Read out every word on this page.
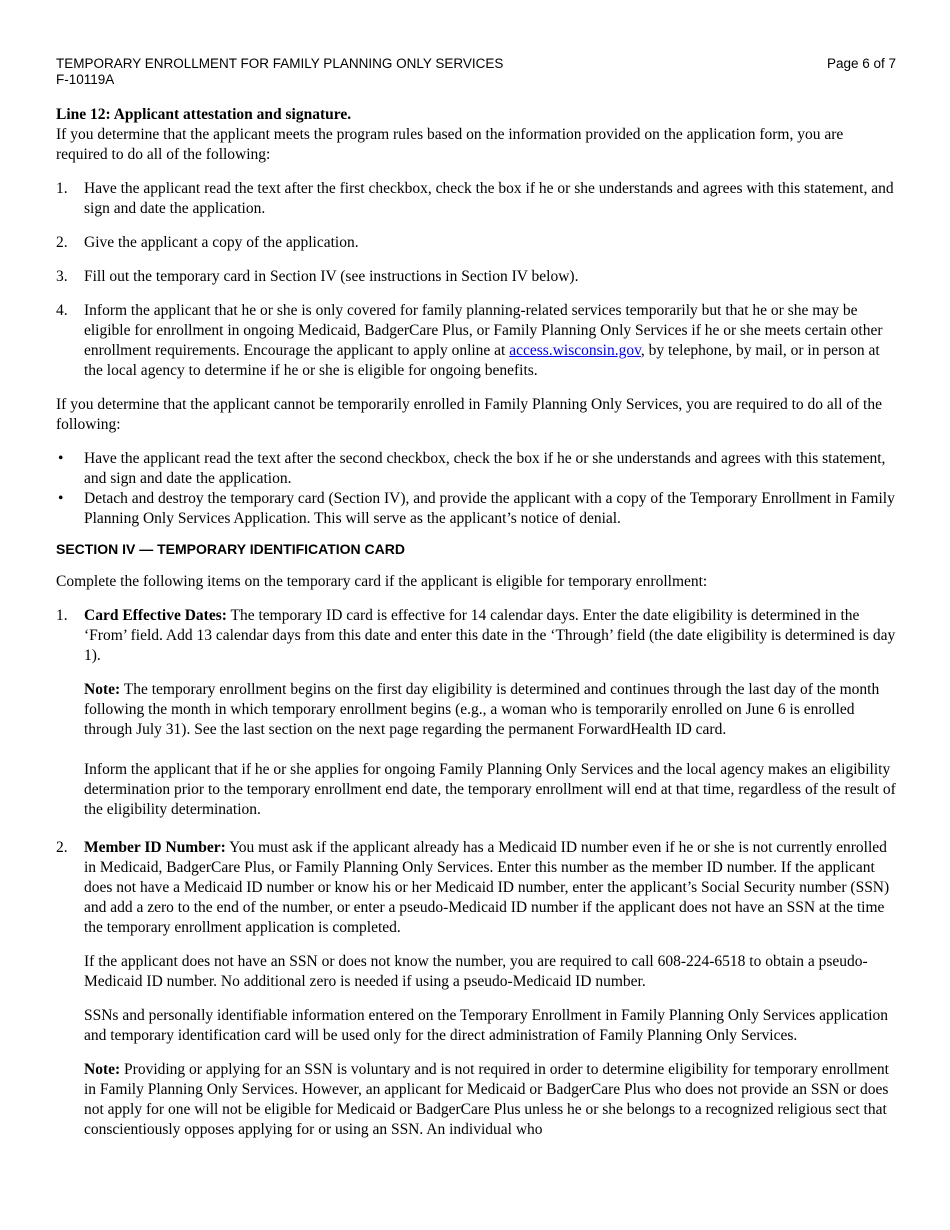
TEMPORARY ENROLLMENT FOR FAMILY PLANNING ONLY SERVICES	Page 6 of 7
F-10119A

Line 12: Applicant attestation and signature.

If you determine that the applicant meets the program rules based on the information provided on the application form, you are required to do all of the following:

1.	Have the applicant read the text after the first checkbox, check the box if he or she understands and agrees with this statement, and sign and date the application.
2.	Give the applicant a copy of the application.
3.	Fill out the temporary card in Section IV (see instructions in Section IV below).
4.	Inform the applicant that he or she is only covered for family planning-related services temporarily but that he or she may be eligible for enrollment in ongoing Medicaid, BadgerCare Plus, or Family Planning Only Services if he or she meets certain other enrollment requirements. Encourage the applicant to apply online at access.wisconsin.gov, by telephone, by mail, or in person at the local agency to determine if he or she is eligible for ongoing benefits.

If you determine that the applicant cannot be temporarily enrolled in Family Planning Only Services, you are required to do all of the following:

•	Have the applicant read the text after the second checkbox, check the box if he or she understands and agrees with this statement, and sign and date the application.
•	Detach and destroy the temporary card (Section IV), and provide the applicant with a copy of the Temporary Enrollment in Family Planning Only Services Application. This will serve as the applicant’s notice of denial.
SECTION IV — TEMPORARY IDENTIFICATION CARD

Complete the following items on the temporary card if the applicant is eligible for temporary enrollment:

1.	Card Effective Dates: The temporary ID card is effective for 14 calendar days. Enter the date eligibility is determined in the ‘From’ field. Add 13 calendar days from this date and enter this date in the ‘Through’ field (the date eligibility is determined is day 1).

Note: The temporary enrollment begins on the first day eligibility is determined and continues through the last day of the month following the month in which temporary enrollment begins (e.g., a woman who is temporarily enrolled on June 6 is enrolled through July 31). See the last section on the next page regarding the permanent ForwardHealth ID card.

Inform the applicant that if he or she applies for ongoing Family Planning Only Services and the local agency makes an eligibility determination prior to the temporary enrollment end date, the temporary enrollment will end at that time, regardless of the result of the eligibility determination.

2.	Member ID Number: You must ask if the applicant already has a Medicaid ID number even if he or she is not currently enrolled in Medicaid, BadgerCare Plus, or Family Planning Only Services. Enter this number as the member ID number. If the applicant does not have a Medicaid ID number or know his or her Medicaid ID number, enter the applicant’s Social Security number (SSN) and add a zero to the end of the number, or enter a pseudo-Medicaid ID number if the applicant does not have an SSN at the time the temporary enrollment application is completed.

If the applicant does not have an SSN or does not know the number, you are required to call 608-224-6518 to obtain a pseudo-Medicaid ID number. No additional zero is needed if using a pseudo-Medicaid ID number.

SSNs and personally identifiable information entered on the Temporary Enrollment in Family Planning Only Services application and temporary identification card will be used only for the direct administration of Family Planning Only Services.

Note: Providing or applying for an SSN is voluntary and is not required in order to determine eligibility for temporary enrollment in Family Planning Only Services. However, an applicant for Medicaid or BadgerCare Plus who does not provide an SSN or does not apply for one will not be eligible for Medicaid or BadgerCare Plus unless he or she belongs to a recognized religious sect that conscientiously opposes applying for or using an SSN. An individual who
